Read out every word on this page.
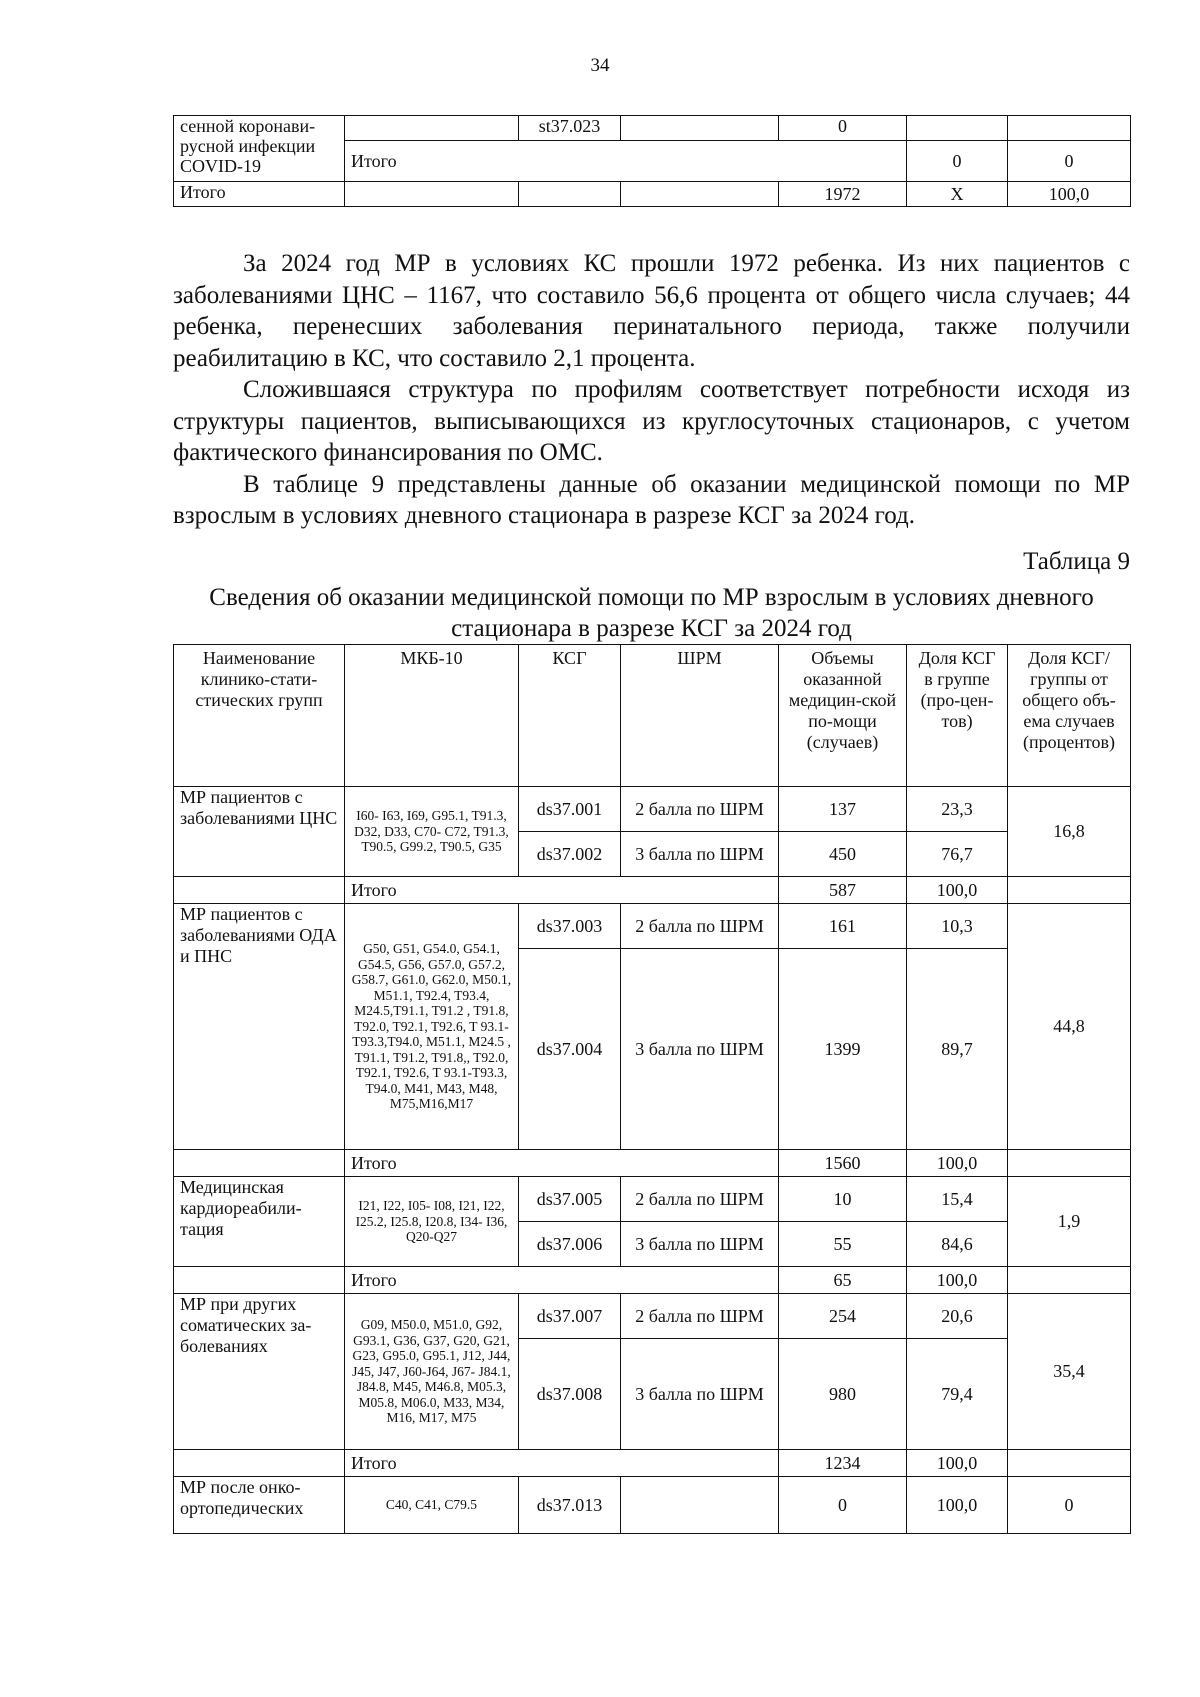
34
сенной коронави-русной инфекции COVID-19		st37.023		0			
	Итого				0	0	
Итого				1972	Х	100,0	

За 2024 год МР в условиях КС прошли 1972 ребенка. Из них пациентов с заболеваниями ЦНС – 1167, что составило 56,6 процента от общего числа случаев; 44 ребенка, перенесших заболевания перинатального периода, также получили реабилитацию в КС, что составило 2,1 процента.

Сложившаяся структура по профилям соответствует потребности исходя из структуры пациентов, выписывающихся из круглосуточных стационаров, с учетом фактического финансирования по ОМС.

В таблице 9 представлены данные об оказании медицинской помощи по МР взрослым в условиях дневного стационара в разрезе КСГ за 2024 год.

Таблица 9
Сведения об оказании медицинской помощи по МР взрослым в условиях дневного стационара в разрезе КСГ за 2024 год
Наименование клинико-стати-стических групп	МКБ-10	КСГ	ШРМ	Объемы оказанной медицин-ской по-мощи (случаев)	Доля КСГ в группе (про-цен-тов)	Доля КСГ/ группы от общего объ-ема случаев (процентов)
МР пациентов с заболеваниями ЦНС	I60- I63, I69, G95.1, T91.3, D32, D33, C70- C72, T91.3, T90.5, G99.2, T90.5, G35	ds37.001	2 балла по ШРМ	137	23,3	16,8
		ds37.002	3 балла по ШРМ	450	76,7	
	Итого			587	100,0	
МР пациентов с заболеваниями ОДА и ПНС	G50, G51, G54.0, G54.1, G54.5, G56, G57.0, G57.2, G58.7, G61.0, G62.0, M50.1, M51.1, T92.4, T93.4, M24.5,T91.1, T91.2 , T91.8, T92.0, T92.1, T92.6, T 93.1-T93.3,T94.0, M51.1, M24.5 , T91.1, T91.2, T91.8,, T92.0, T92.1, T92.6, T 93.1-T93.3, T94.0, M41, M43, M48, M75,M16,M17	ds37.003	2 балла по ШРМ	161	10,3	44,8
		ds37.004	3 балла по ШРМ	1399	89,7	
	Итого			1560	100,0	
Медицинская кардиореабили-тация	I21, I22, I05- I08, I21, I22, I25.2, I25.8, I20.8, I34- I36, Q20-Q27	ds37.005	2 балла по ШРМ	10	15,4	1,9
		ds37.006	3 балла по ШРМ	55	84,6	
	Итого			65	100,0	
МР при других соматических за-болеваниях	G09, M50.0, M51.0, G92, G93.1, G36, G37, G20, G21, G23, G95.0, G95.1, J12, J44, J45, J47, J60-J64, J67- J84.1, J84.8, M45, M46.8, M05.3, M05.8, M06.0, M33, M34, M16, M17, M75	ds37.007	2 балла по ШРМ	254	20,6	35,4
		ds37.008	3 балла по ШРМ	980	79,4	
	Итого			1234	100,0	
МР после онко-ортопедических	C40, C41, C79.5	ds37.013		0	100,0	0
